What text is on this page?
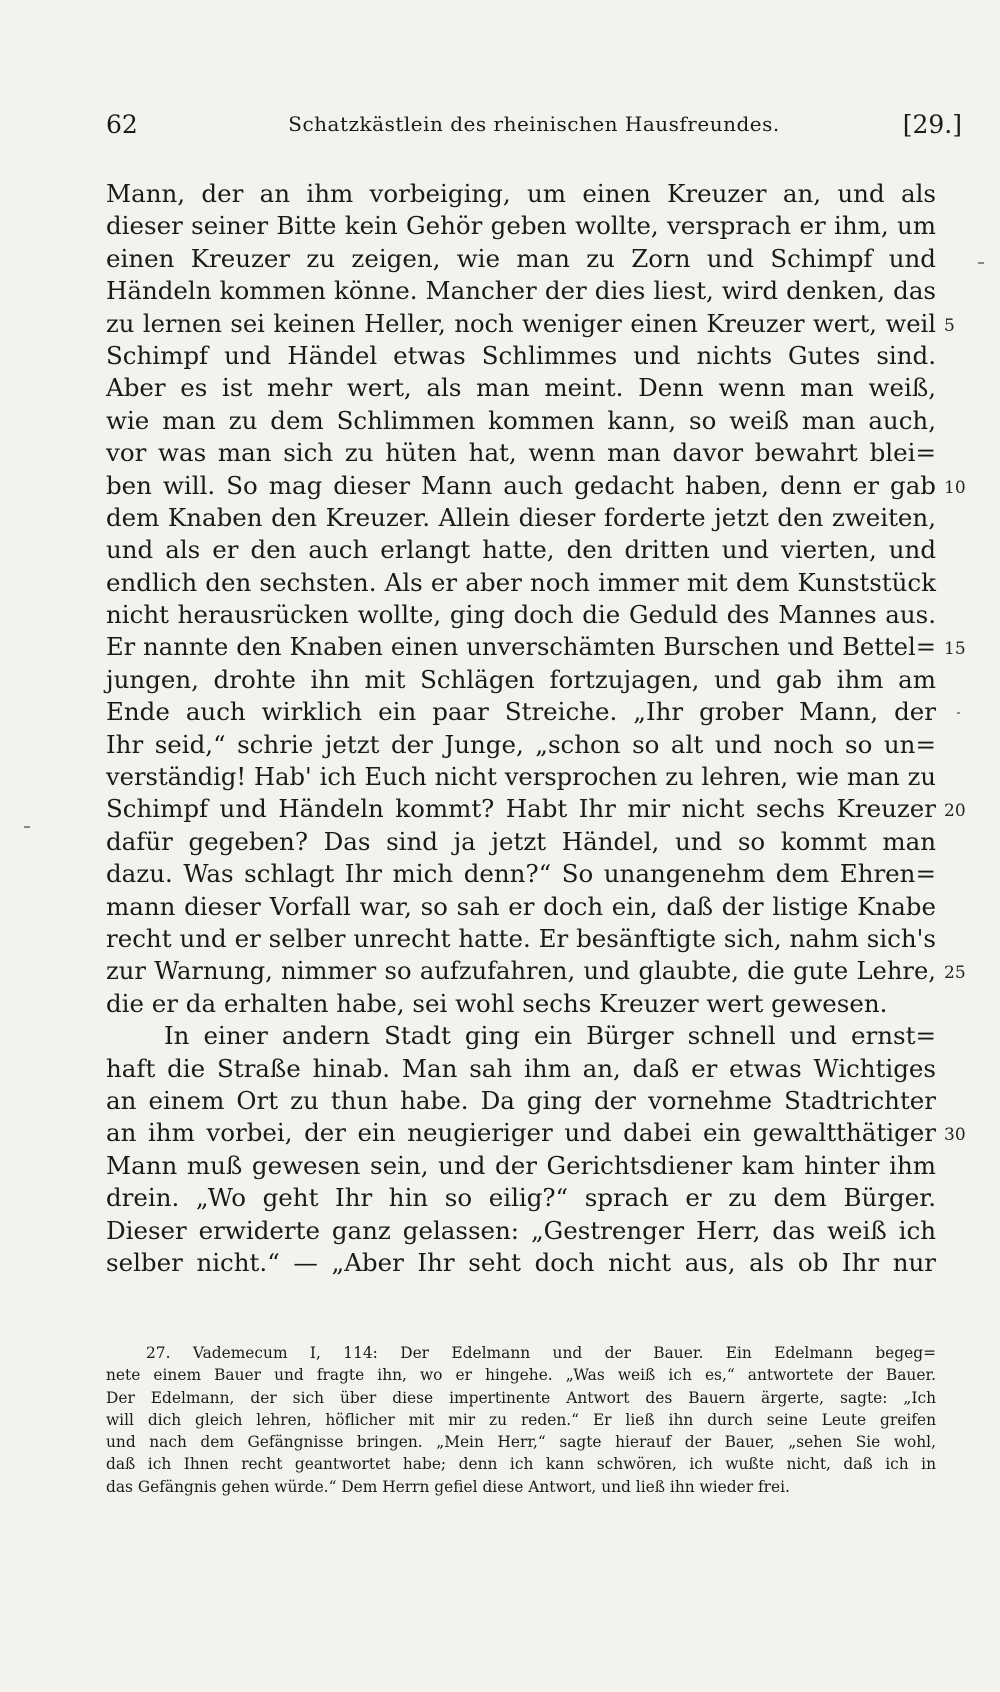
62	Schatzkästlein des rheinischen Hausfreundes.	[29.]
Mann, der an ihm vorbeiging, um einen Kreuzer an, und als
dieser seiner Bitte kein Gehör geben wollte, versprach er ihm, um
einen Kreuzer zu zeigen, wie man zu Zorn und Schimpf und
Händeln kommen könne. Mancher der dies liest, wird denken, das
zu lernen sei keinen Heller, noch weniger einen Kreuzer wert, weil 5
Schimpf und Händel etwas Schlimmes und nichts Gutes sind.
Aber es ist mehr wert, als man meint. Denn wenn man weiß,
wie man zu dem Schlimmen kommen kann, so weiß man auch,
vor was man sich zu hüten hat, wenn man davor bewahrt blei=
ben will. So mag dieser Mann auch gedacht haben, denn er gab 10
dem Knaben den Kreuzer. Allein dieser forderte jetzt den zweiten,
und als er den auch erlangt hatte, den dritten und vierten, und
endlich den sechsten. Als er aber noch immer mit dem Kunststück
nicht herausrücken wollte, ging doch die Geduld des Mannes aus.
Er nannte den Knaben einen unverschämten Burschen und Bettel= 15
jungen, drohte ihn mit Schlägen fortzujagen, und gab ihm am
Ende auch wirklich ein paar Streiche. „Ihr grober Mann, der
Ihr seid,“ schrie jetzt der Junge, „schon so alt und noch so un=
verständig! Hab' ich Euch nicht versprochen zu lehren, wie man zu
Schimpf und Händeln kommt? Habt Ihr mir nicht sechs Kreuzer 20
dafür gegeben? Das sind ja jetzt Händel, und so kommt man
dazu. Was schlagt Ihr mich denn?“ So unangenehm dem Ehren=
mann dieser Vorfall war, so sah er doch ein, daß der listige Knabe
recht und er selber unrecht hatte. Er besänftigte sich, nahm sich's
zur Warnung, nimmer so aufzufahren, und glaubte, die gute Lehre, 25
die er da erhalten habe, sei wohl sechs Kreuzer wert gewesen.
In einer andern Stadt ging ein Bürger schnell und ernst=
haft die Straße hinab. Man sah ihm an, daß er etwas Wichtiges
an einem Ort zu thun habe. Da ging der vornehme Stadtrichter
an ihm vorbei, der ein neugieriger und dabei ein gewaltthätiger 30
Mann muß gewesen sein, und der Gerichtsdiener kam hinter ihm
drein. „Wo geht Ihr hin so eilig?“ sprach er zu dem Bürger.
Dieser erwiderte ganz gelassen: „Gestrenger Herr, das weiß ich
selber nicht.“ — „Aber Ihr seht doch nicht aus, als ob Ihr nur
27. Vademecum I, 114: Der Edelmann und der Bauer. Ein Edelmann begeg=
nete einem Bauer und fragte ihn, wo er hingehe. „Was weiß ich es,“ antwortete der Bauer.
Der Edelmann, der sich über diese impertinente Antwort des Bauern ärgerte, sagte: „Ich
will dich gleich lehren, höflicher mit mir zu reden.“ Er ließ ihn durch seine Leute greifen
und nach dem Gefängnisse bringen. „Mein Herr,“ sagte hierauf der Bauer, „sehen Sie wohl,
daß ich Ihnen recht geantwortet habe; denn ich kann schwören, ich wußte nicht, daß ich in
das Gefängnis gehen würde.“ Dem Herrn gefiel diese Antwort, und ließ ihn wieder frei.
